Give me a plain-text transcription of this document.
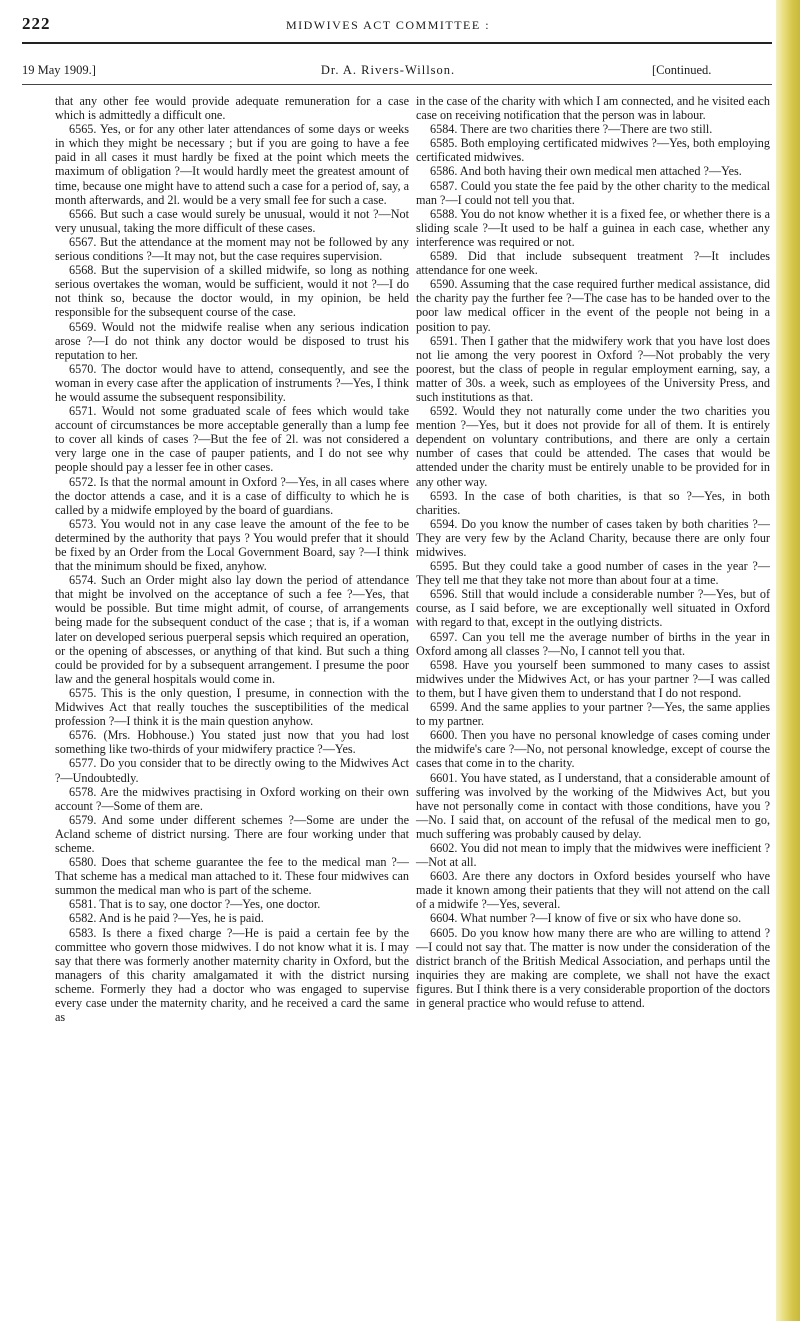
222	MIDWIVES ACT COMMITTEE :
19 May 1909.]	Dr. A. Rivers-Willson.	[Continued.

that any other fee would provide adequate remuneration for a case which is admittedly a difficult one.

6565. Yes, or for any other later attendances of some days or weeks in which they might be necessary ; but if you are going to have a fee paid in all cases it must hardly be fixed at the point which meets the maximum of obligation ?—It would hardly meet the greatest amount of time, because one might have to attend such a case for a period of, say, a month afterwards, and 2l. would be a very small fee for such a case.

6566. But such a case would surely be unusual, would it not ?—Not very unusual, taking the more difficult of these cases.

6567. But the attendance at the moment may not be followed by any serious conditions ?—It may not, but the case requires supervision.

6568. But the supervision of a skilled midwife, so long as nothing serious overtakes the woman, would be sufficient, would it not ?—I do not think so, because the doctor would, in my opinion, be held responsible for the subsequent course of the case.

6569. Would not the midwife realise when any serious indication arose ?—I do not think any doctor would be disposed to trust his reputation to her.

6570. The doctor would have to attend, consequently, and see the woman in every case after the application of instruments ?—Yes, I think he would assume the subsequent responsibility.

6571. Would not some graduated scale of fees which would take account of circumstances be more acceptable generally than a lump fee to cover all kinds of cases ?—But the fee of 2l. was not considered a very large one in the case of pauper patients, and I do not see why people should pay a lesser fee in other cases.

6572. Is that the normal amount in Oxford ?—Yes, in all cases where the doctor attends a case, and it is a case of difficulty to which he is called by a midwife employed by the board of guardians.

6573. You would not in any case leave the amount of the fee to be determined by the authority that pays ? You would prefer that it should be fixed by an Order from the Local Government Board, say ?—I think that the minimum should be fixed, anyhow.

6574. Such an Order might also lay down the period of attendance that might be involved on the acceptance of such a fee ?—Yes, that would be possible. But time might admit, of course, of arrangements being made for the subsequent conduct of the case ; that is, if a woman later on developed serious puerperal sepsis which required an operation, or the opening of abscesses, or anything of that kind. But such a thing could be provided for by a subsequent arrangement. I presume the poor law and the general hospitals would come in.

6575. This is the only question, I presume, in connection with the Midwives Act that really touches the susceptibilities of the medical profession ?—I think it is the main question anyhow.

6576. (Mrs. Hobhouse.) You stated just now that you had lost something like two-thirds of your midwifery practice ?—Yes.

6577. Do you consider that to be directly owing to the Midwives Act ?—Undoubtedly.

6578. Are the midwives practising in Oxford working on their own account ?—Some of them are.

6579. And some under different schemes ?—Some are under the Acland scheme of district nursing. There are four working under that scheme.

6580. Does that scheme guarantee the fee to the medical man ?—That scheme has a medical man attached to it. These four midwives can summon the medical man who is part of the scheme.

6581. That is to say, one doctor ?—Yes, one doctor.

6582. And is he paid ?—Yes, he is paid.

6583. Is there a fixed charge ?—He is paid a certain fee by the committee who govern those midwives. I do not know what it is. I may say that there was formerly another maternity charity in Oxford, but the managers of this charity amalgamated it with the district nursing scheme. Formerly they had a doctor who was engaged to supervise every case under the maternity charity, and he received a card the same as

in the case of the charity with which I am connected, and he visited each case on receiving notification that the person was in labour.

6584. There are two charities there ?—There are two still.

6585. Both employing certificated midwives ?—Yes, both employing certificated midwives.

6586. And both having their own medical men attached ?—Yes.

6587. Could you state the fee paid by the other charity to the medical man ?—I could not tell you that.

6588. You do not know whether it is a fixed fee, or whether there is a sliding scale ?—It used to be half a guinea in each case, whether any interference was required or not.

6589. Did that include subsequent treatment ?—It includes attendance for one week.

6590. Assuming that the case required further medical assistance, did the charity pay the further fee ?—The case has to be handed over to the poor law medical officer in the event of the people not being in a position to pay.

6591. Then I gather that the midwifery work that you have lost does not lie among the very poorest in Oxford ?—Not probably the very poorest, but the class of people in regular employment earning, say, a matter of 30s. a week, such as employees of the University Press, and such institutions as that.

6592. Would they not naturally come under the two charities you mention ?—Yes, but it does not provide for all of them. It is entirely dependent on voluntary contributions, and there are only a certain number of cases that could be attended. The cases that would be attended under the charity must be entirely unable to be provided for in any other way.

6593. In the case of both charities, is that so ?—Yes, in both charities.

6594. Do you know the number of cases taken by both charities ?—They are very few by the Acland Charity, because there are only four midwives.

6595. But they could take a good number of cases in the year ?—They tell me that they take not more than about four at a time.

6596. Still that would include a considerable number ?—Yes, but of course, as I said before, we are exceptionally well situated in Oxford with regard to that, except in the outlying districts.

6597. Can you tell me the average number of births in the year in Oxford among all classes ?—No, I cannot tell you that.

6598. Have you yourself been summoned to many cases to assist midwives under the Midwives Act, or has your partner ?—I was called to them, but I have given them to understand that I do not respond.

6599. And the same applies to your partner ?—Yes, the same applies to my partner.

6600. Then you have no personal knowledge of cases coming under the midwife's care ?—No, not personal knowledge, except of course the cases that come in to the charity.

6601. You have stated, as I understand, that a considerable amount of suffering was involved by the working of the Midwives Act, but you have not personally come in contact with those conditions, have you ?—No. I said that, on account of the refusal of the medical men to go, much suffering was probably caused by delay.

6602. You did not mean to imply that the midwives were inefficient ?—Not at all.

6603. Are there any doctors in Oxford besides yourself who have made it known among their patients that they will not attend on the call of a midwife ?—Yes, several.

6604. What number ?—I know of five or six who have done so.

6605. Do you know how many there are who are willing to attend ?—I could not say that. The matter is now under the consideration of the district branch of the British Medical Association, and perhaps until the inquiries they are making are complete, we shall not have the exact figures. But I think there is a very considerable proportion of the doctors in general practice who would refuse to attend.
